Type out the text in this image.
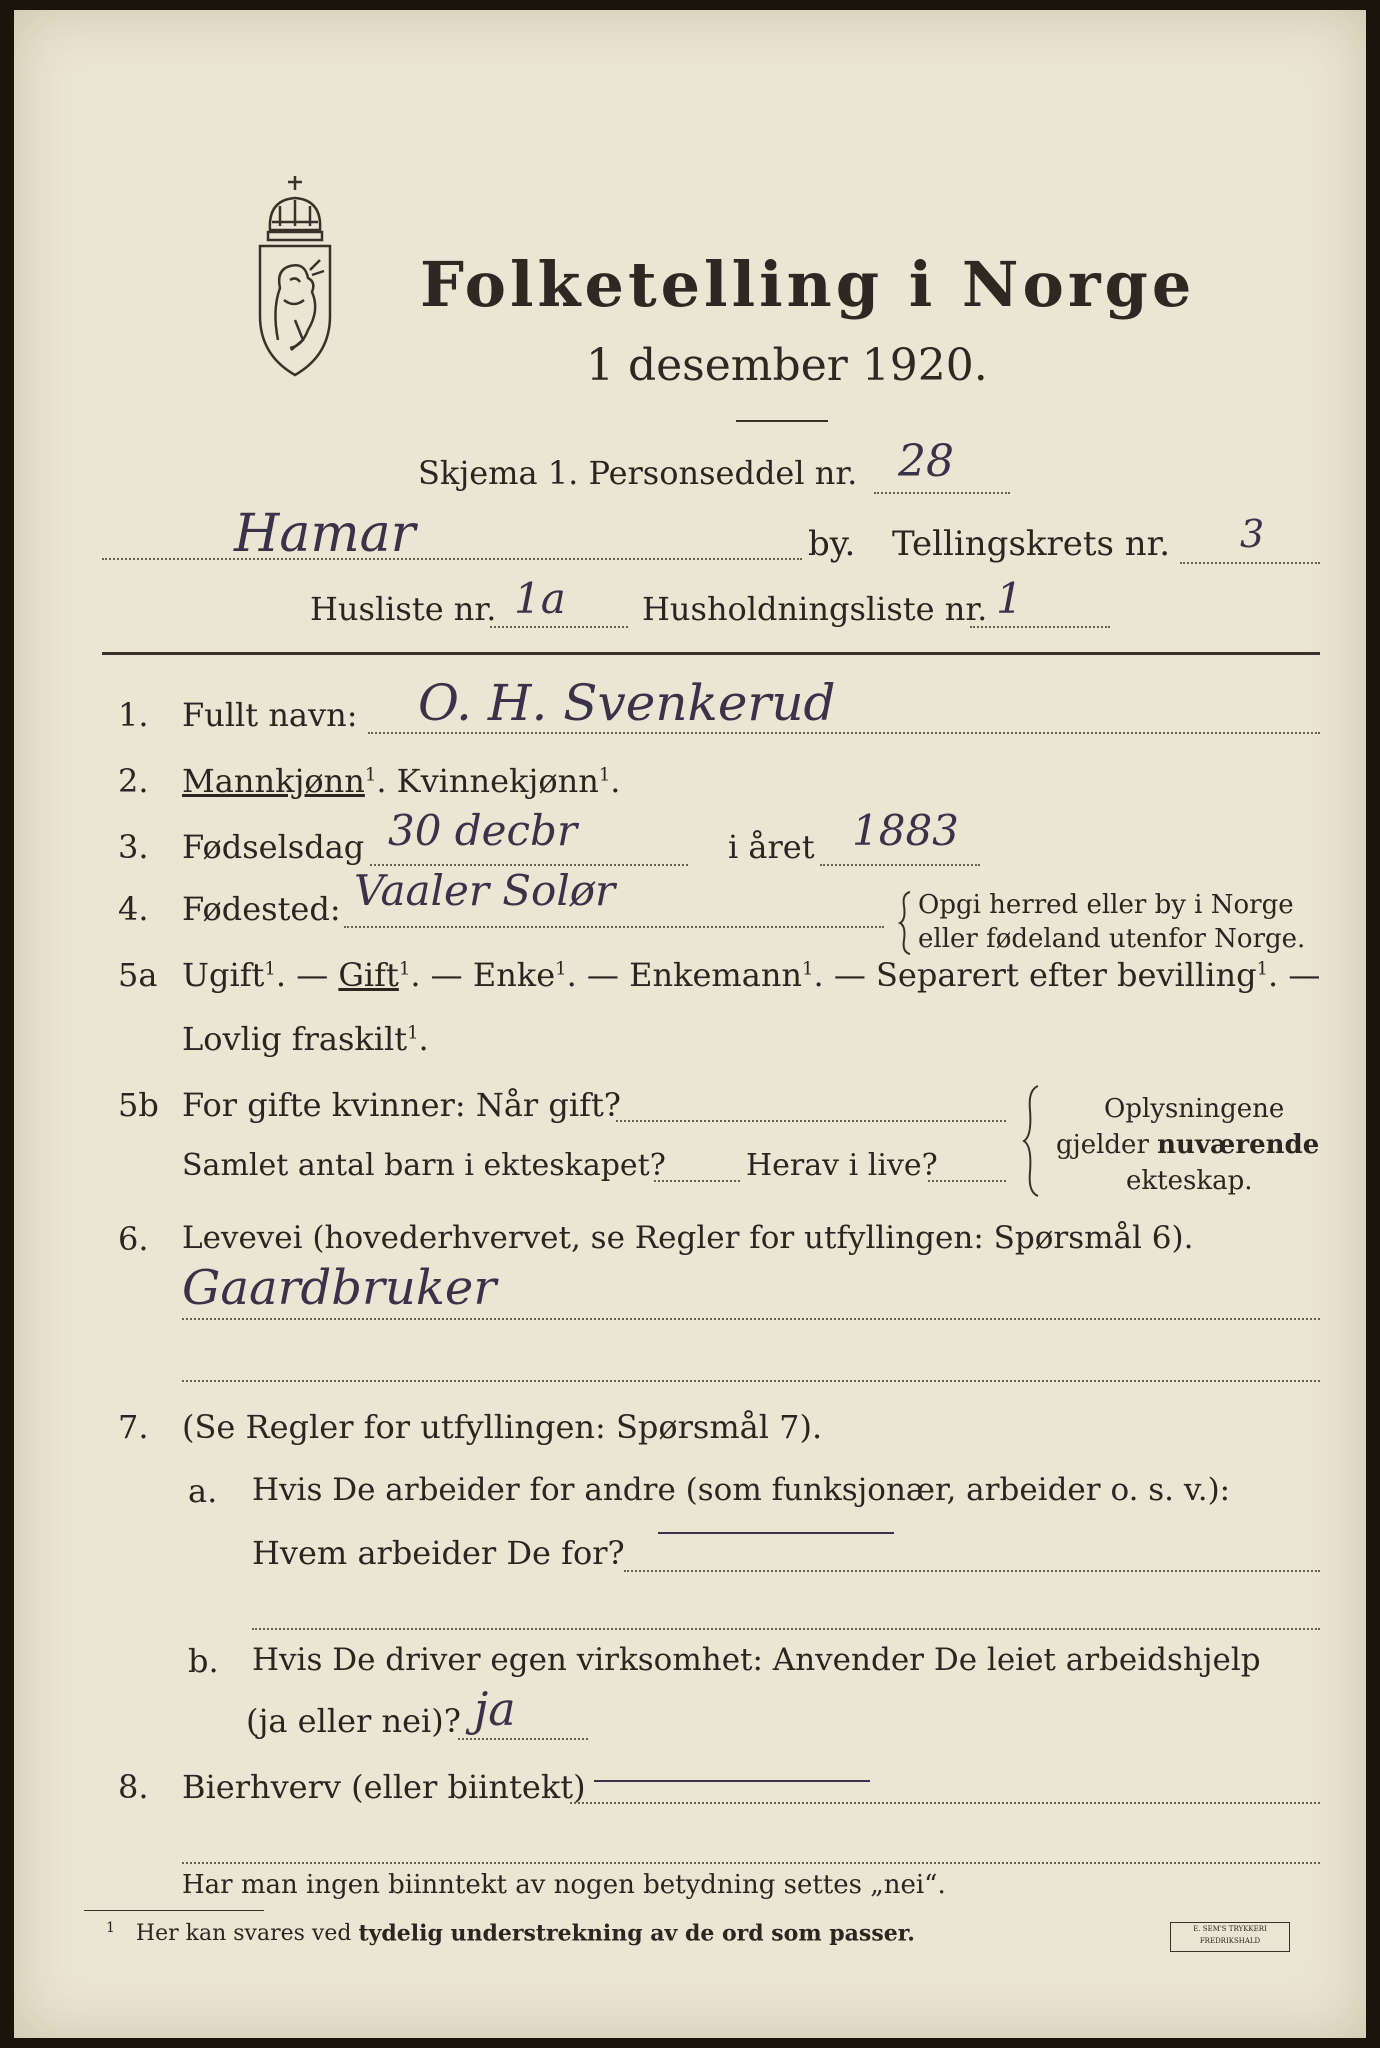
Folketelling i Norge
1 desember 1920.
Skjema 1. Personseddel nr. 28
Hamar	by. Tellingskrets nr. 3
Husliste nr. 1a Husholdningsliste nr. 1
1. Fullt navn: O. H. Svenkerud
2. Mannkjønn$^1$. Kvinnekjønn$^1$.
3. Fødselsdag 30 decbr	i året 1883
4. Fødested: Vaaler Solør	Opgi herred eller by i Norge
eller fødeland utenfor Norge.
5a Ugift$^1$. — Gift$^1$. — Enke$^1$. — Enkemann$^1$. — Separert efter bevilling$^1$. —
Lovlig fraskilt$^1$.
5b For gifte kvinner: Når gift?
Samlet antal barn i ekteskapet?	Herav i live?
Oplysningene
gjelder nuværende
ekteskap.
6. Levevei (hovederhvervet, se Regler for utfyllingen: Spørsmål 6).
Gaardbruker
7. (Se Regler for utfyllingen: Spørsmål 7).
a. Hvis De arbeider for andre (som funksjonær, arbeider o. s. v.):
Hvem arbeider De for?
b. Hvis De driver egen virksomhet: Anvender De leiet arbeidshjelp
(ja eller nei)? ja
8. Bierhverv (eller biintekt)
Har man ingen biinntekt av nogen betydning settes „nei“.
$^1$ Her kan svares ved tydelig understrekning av de ord som passer.	E. SEM'S TRYKKERI
FREDRIKSHALD
